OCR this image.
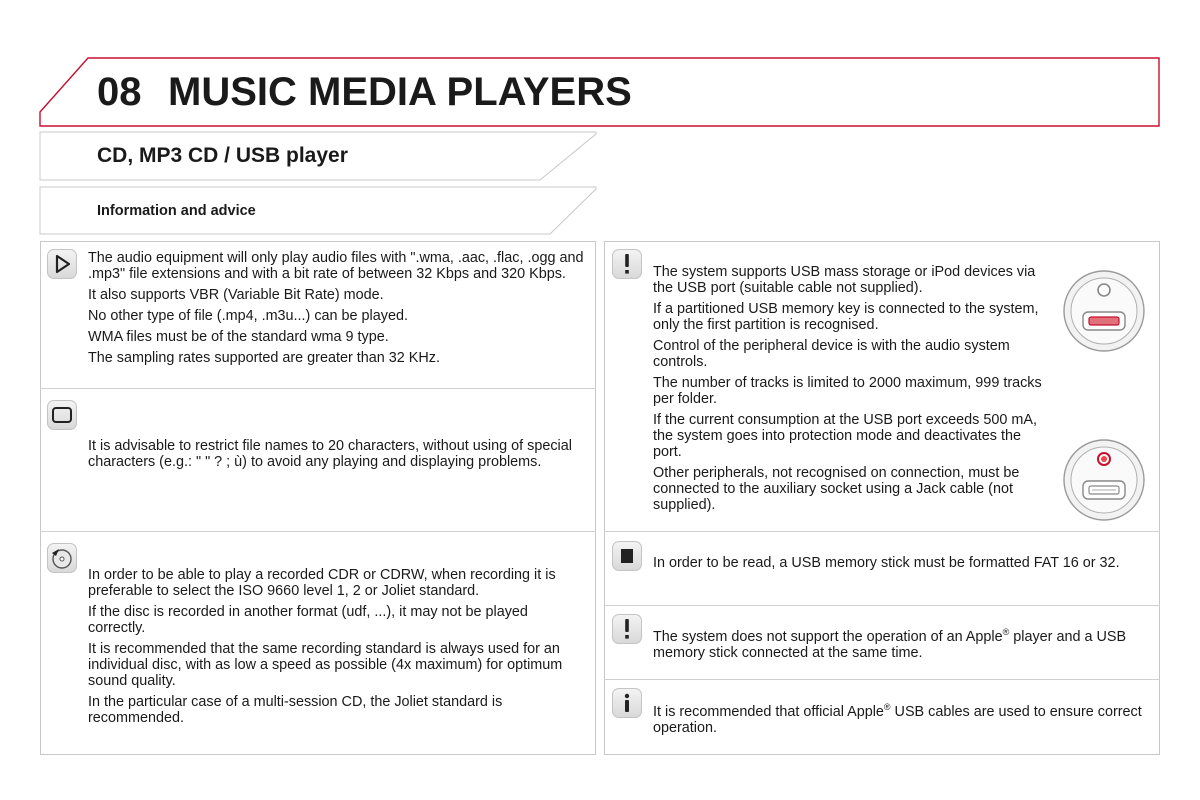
08 MUSIC MEDIA PLAYERS
CD, MP3 CD / USB player
Information and advice

The audio equipment will only play audio files with ".wma, .aac, .flac, .ogg and .mp3" file extensions and with a bit rate of between 32 Kbps and 320 Kbps.

It also supports VBR (Variable Bit Rate) mode.

No other type of file (.mp4, .m3u...) can be played.

WMA files must be of the standard wma 9 type.

The sampling rates supported are greater than 32 KHz.

It is advisable to restrict file names to 20 characters, without using of special characters (e.g.: " " ? ; ù) to avoid any playing and displaying problems.

In order to be able to play a recorded CDR or CDRW, when recording it is preferable to select the ISO 9660 level 1, 2 or Joliet standard.

If the disc is recorded in another format (udf, ...), it may not be played correctly.

It is recommended that the same recording standard is always used for an individual disc, with as low a speed as possible (4x maximum) for optimum sound quality.

In the particular case of a multi-session CD, the Joliet standard is recommended.

The system supports USB mass storage or iPod devices via the USB port (suitable cable not supplied).

If a partitioned USB memory key is connected to the system, only the first partition is recognised.

Control of the peripheral device is with the audio system controls.

The number of tracks is limited to 2000 maximum, 999 tracks per folder.

If the current consumption at the USB port exceeds 500 mA, the system goes into protection mode and deactivates the port.

Other peripherals, not recognised on connection, must be connected to the auxiliary socket using a Jack cable (not supplied).

In order to be read, a USB memory stick must be formatted FAT 16 or 32.

The system does not support the operation of an Apple® player and a USB memory stick connected at the same time.

It is recommended that official Apple® USB cables are used to ensure correct operation.
